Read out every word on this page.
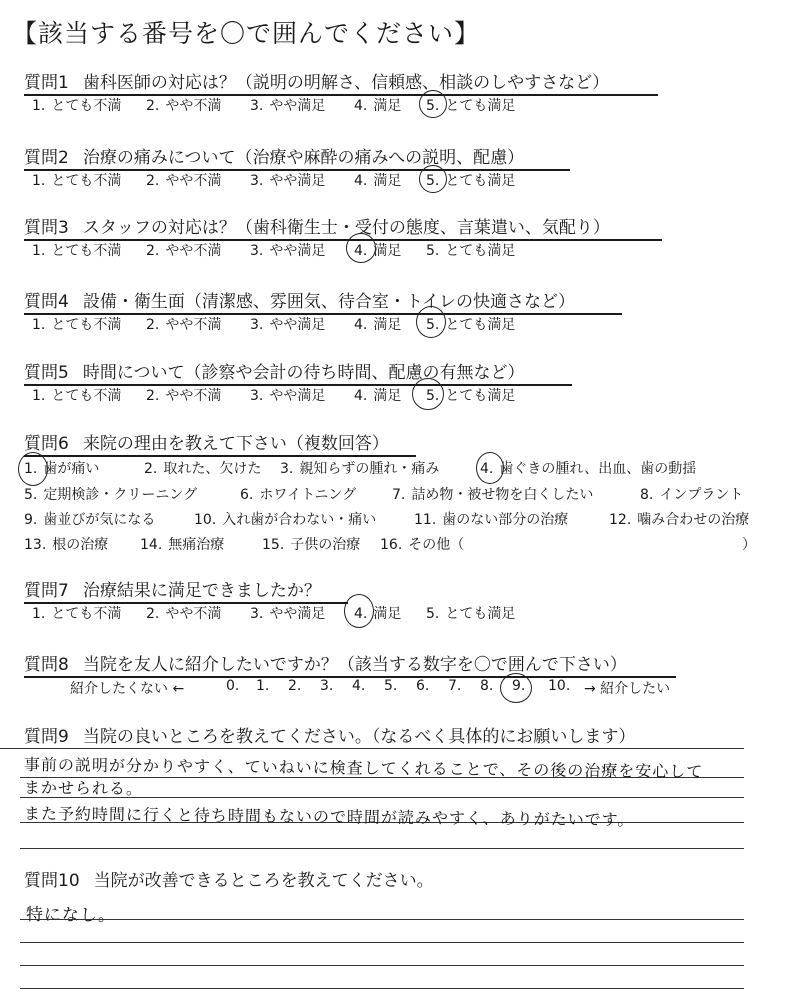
【該当する番号を〇で囲んでください】
質問1 歯科医師の対応は？（説明の明解さ、信頼感、相談のしやすさなど）
1. とても不満 2. やや不満 3. やや満足 4. 満足 5. とても満足
質問2 治療の痛みについて（治療や麻酔の痛みへの説明、配慮）
1. とても不満 2. やや不満 3. やや満足 4. 満足 5. とても満足
質問3 スタッフの対応は？（歯科衛生士・受付の態度、言葉遣い、気配り）
1. とても不満 2. やや不満 3. やや満足 4. 満足 5. とても満足
質問4 設備・衛生面（清潔感、雰囲気、待合室・トイレの快適さなど）
1. とても不満 2. やや不満 3. やや満足 4. 満足 5. とても満足
質問5 時間について（診察や会計の待ち時間、配慮の有無など）
1. とても不満 2. やや不満 3. やや満足 4. 満足 5. とても満足
質問6 来院の理由を教えて下さい（複数回答）
1. 歯が痛い	2. 取れた、欠けた 3. 親知らずの腫れ・痛み	4. 歯ぐきの腫れ、出血、歯の動揺
5. 定期検診・クリーニング	6. ホワイトニング	7. 詰め物・被せ物を白くしたい	8. インプラント
9. 歯並びが気になる	10. 入れ歯が合わない・痛い	11. 歯のない部分の治療	12. 噛み合わせの治療
13. 根の治療 14. 無痛治療	15. 子供の治療 16. その他（	）
質問7 治療結果に満足できましたか？
1. とても不満 2. やや不満 3. やや満足 4. 満足 5. とても満足
質問8 当院を友人に紹介したいですか？（該当する数字を〇で囲んで下さい）
紹介したくない ←	0. 1. 2. 3. 4. 5. 6. 7. 8. 9. 10. → 紹介したい
質問9 当院の良いところを教えてください。（なるべく具体的にお願いします）
事前の説明が分かりやすく、ていねいに検査してくれることで、その後の治療を安心して
まかせられる。
また予約時間に行くと待ち時間もないので時間が読みやすく、ありがたいです。
質問10 当院が改善できるところを教えてください。
特になし。
